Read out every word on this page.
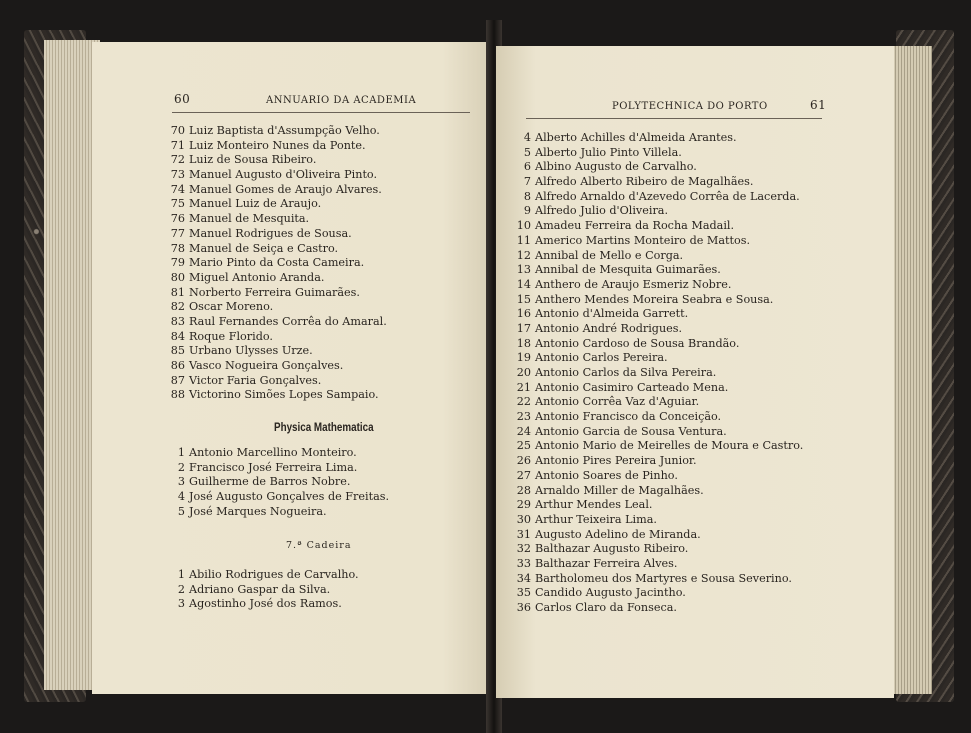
60	ANNUARIO DA ACADEMIA
70 Luiz Baptista d'Assumpção Velho.
71 Luiz Monteiro Nunes da Ponte.
72 Luiz de Sousa Ribeiro.
73 Manuel Augusto d'Oliveira Pinto.
74 Manuel Gomes de Araujo Alvares.
75 Manuel Luiz de Araujo.
76 Manuel de Mesquita.
77 Manuel Rodrigues de Sousa.
78 Manuel de Seiça e Castro.
79 Mario Pinto da Costa Cameira.
80 Miguel Antonio Aranda.
81 Norberto Ferreira Guimarães.
82 Oscar Moreno.
83 Raul Fernandes Corrêa do Amaral.
84 Roque Florido.
85 Urbano Ulysses Urze.
86 Vasco Nogueira Gonçalves.
87 Victor Faria Gonçalves.
88 Victorino Simões Lopes Sampaio.
Physica Mathematica
1 Antonio Marcellino Monteiro.
2 Francisco José Ferreira Lima.
3 Guilherme de Barros Nobre.
4 José Augusto Gonçalves de Freitas.
5 José Marques Nogueira.
7.ª Cadeira
1 Abilio Rodrigues de Carvalho.
2 Adriano Gaspar da Silva.
3 Agostinho José dos Ramos.
POLYTECHNICA DO PORTO	61
4 Alberto Achilles d'Almeida Arantes.
5 Alberto Julio Pinto Villela.
6 Albino Augusto de Carvalho.
7 Alfredo Alberto Ribeiro de Magalhães.
8 Alfredo Arnaldo d'Azevedo Corrêa de Lacerda.
9 Alfredo Julio d'Oliveira.
10 Amadeu Ferreira da Rocha Madail.
11 Americo Martins Monteiro de Mattos.
12 Annibal de Mello e Corga.
13 Annibal de Mesquita Guimarães.
14 Anthero de Araujo Esmeriz Nobre.
15 Anthero Mendes Moreira Seabra e Sousa.
16 Antonio d'Almeida Garrett.
17 Antonio André Rodrigues.
18 Antonio Cardoso de Sousa Brandão.
19 Antonio Carlos Pereira.
20 Antonio Carlos da Silva Pereira.
21 Antonio Casimiro Carteado Mena.
22 Antonio Corrêa Vaz d'Aguiar.
23 Antonio Francisco da Conceição.
24 Antonio Garcia de Sousa Ventura.
25 Antonio Mario de Meirelles de Moura e Castro.
26 Antonio Pires Pereira Junior.
27 Antonio Soares de Pinho.
28 Arnaldo Miller de Magalhães.
29 Arthur Mendes Leal.
30 Arthur Teixeira Lima.
31 Augusto Adelino de Miranda.
32 Balthazar Augusto Ribeiro.
33 Balthazar Ferreira Alves.
34 Bartholomeu dos Martyres e Sousa Severino.
35 Candido Augusto Jacintho.
36 Carlos Claro da Fonseca.
